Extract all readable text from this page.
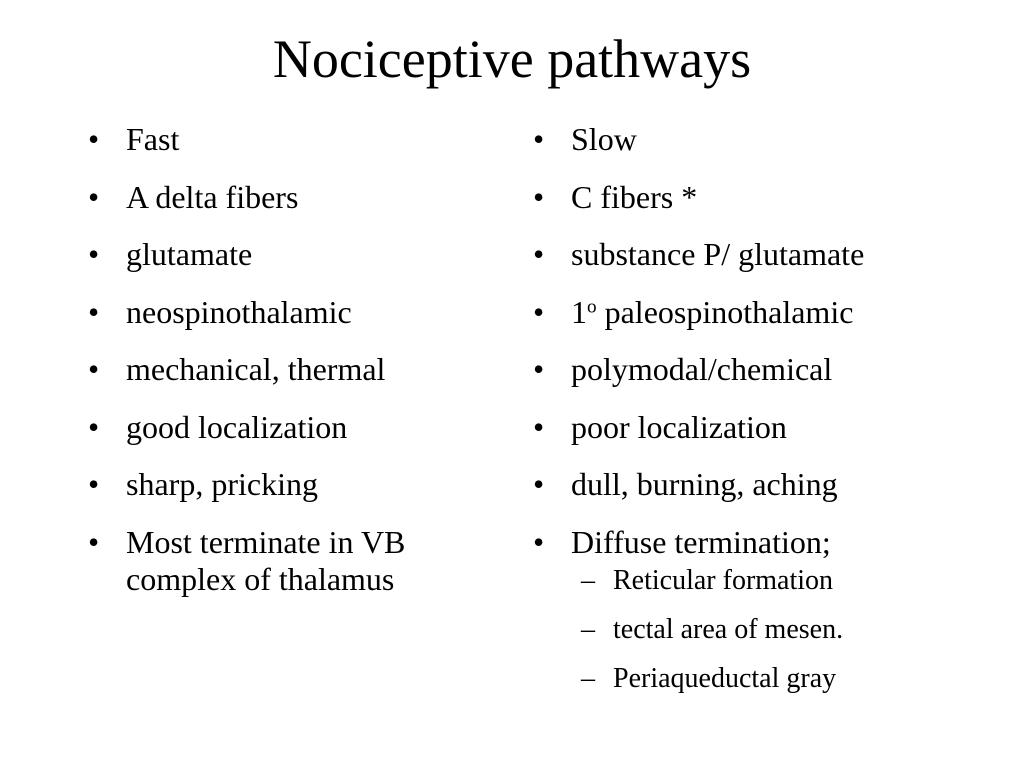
Nociceptive pathways
• Fast
• A delta fibers
• glutamate
• neospinothalamic
• mechanical, thermal
• good localization
• sharp, pricking
• Most terminate in VB complex of thalamus
• Slow
• C fibers *
• substance P/ glutamate
• 1$^o$ paleospinothalamic
• polymodal/chemical
• poor localization
• dull, burning, aching
• Diffuse termination;
– Reticular formation
– tectal area of mesen.
– Periaqueductal gray
